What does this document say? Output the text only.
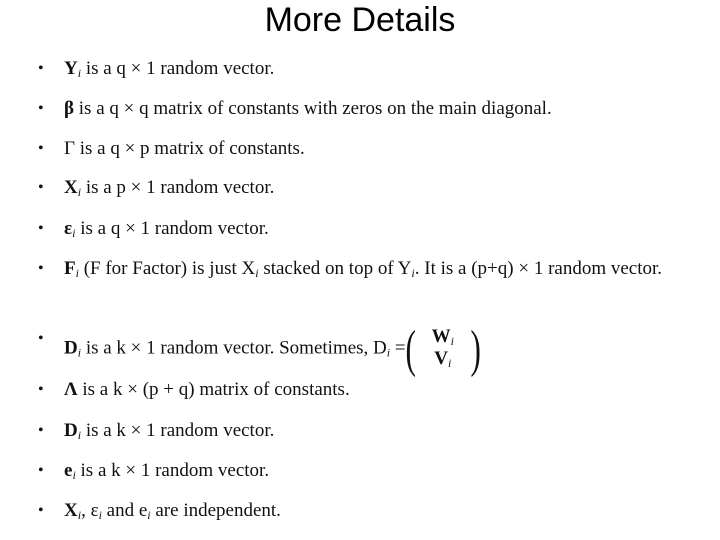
More Details
•	$Y_i$ is a q × 1 random vector.
•	β is a q × q matrix of constants with zeros on the main diagonal.
•	Γ is a q × p matrix of constants.
•	$X_i$ is a p × 1 random vector.
•	$\varepsilon_i$ is a q × 1 random vector.
•	$F_i$ (F for Factor) is just $X_i$ stacked on top of $Y_i$. It is a (p+q) × 1 random vector.
•	$D_i$ is a k × 1 random vector. Sometimes, $D_i$ = ( $W_i$
$V_i$ )
•	Λ is a k × (p + q) matrix of constants.
•	$D_i$ is a k × 1 random vector.
•	$e_i$ is a k × 1 random vector.
•	$X_i$, $\varepsilon_i$ and $e_i$ are independent.
